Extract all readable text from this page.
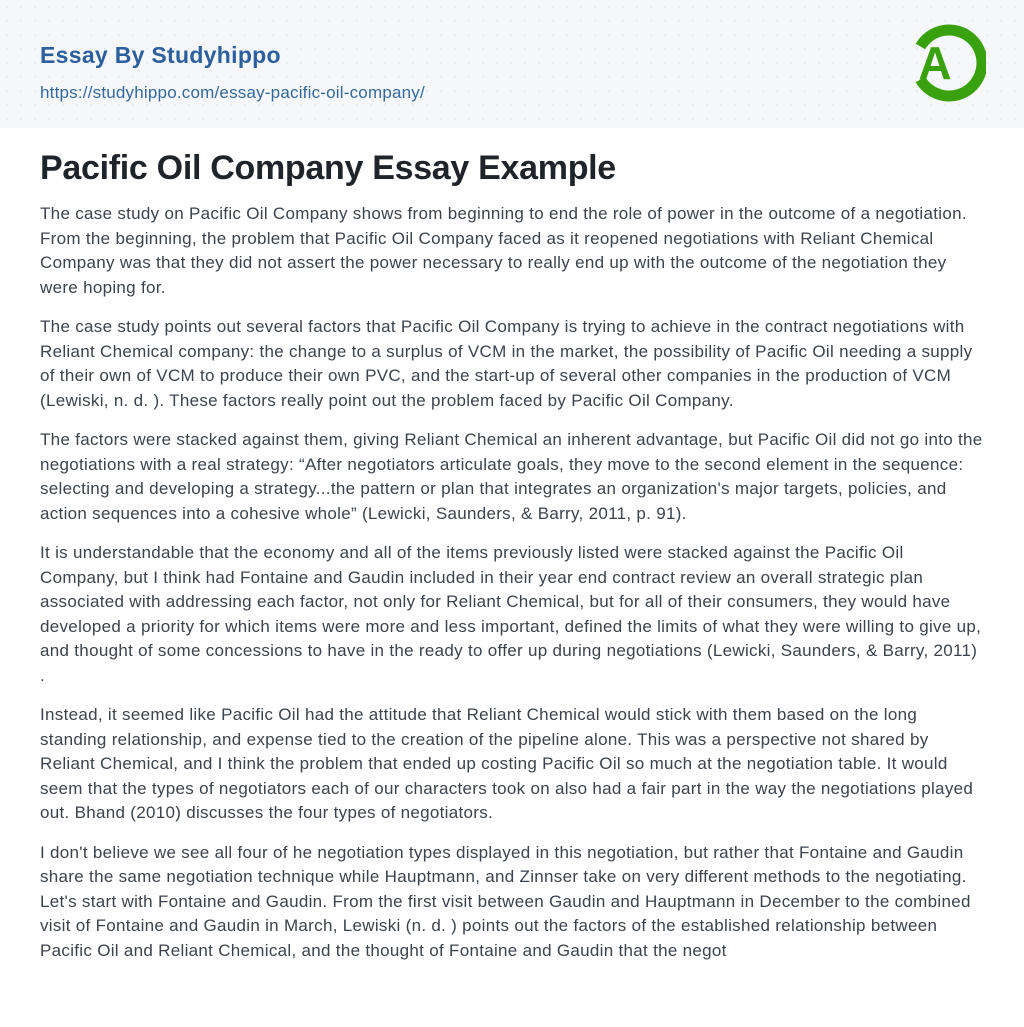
Essay By Studyhippo
https://studyhippo.com/essay-pacific-oil-company/
A
Pacific Oil Company Essay Example

The case study on Pacific Oil Company shows from beginning to end the role of power in the outcome of a negotiation. From the beginning, the problem that Pacific Oil Company faced as it reopened negotiations with Reliant Chemical Company was that they did not assert the power necessary to really end up with the outcome of the negotiation they were hoping for.

The case study points out several factors that Pacific Oil Company is trying to achieve in the contract negotiations with Reliant Chemical company: the change to a surplus of VCM in the market, the possibility of Pacific Oil needing a supply of their own of VCM to produce their own PVC, and the start-up of several other companies in the production of VCM (Lewiski, n. d. ). These factors really point out the problem faced by Pacific Oil Company.

The factors were stacked against them, giving Reliant Chemical an inherent advantage, but Pacific Oil did not go into the negotiations with a real strategy: “After negotiators articulate goals, they move to the second element in the sequence: selecting and developing a strategy...the pattern or plan that integrates an organization's major targets, policies, and action sequences into a cohesive whole” (Lewicki, Saunders, & Barry, 2011, p. 91).

It is understandable that the economy and all of the items previously listed were stacked against the Pacific Oil Company, but I think had Fontaine and Gaudin included in their year end contract review an overall strategic plan associated with addressing each factor, not only for Reliant Chemical, but for all of their consumers, they would have developed a priority for which items were more and less important, defined the limits of what they were willing to give up, and thought of some concessions to have in the ready to offer up during negotiations (Lewicki, Saunders, & Barry, 2011) .

Instead, it seemed like Pacific Oil had the attitude that Reliant Chemical would stick with them based on the long standing relationship, and expense tied to the creation of the pipeline alone. This was a perspective not shared by Reliant Chemical, and I think the problem that ended up costing Pacific Oil so much at the negotiation table. It would seem that the types of negotiators each of our characters took on also had a fair part in the way the negotiations played out. Bhand (2010) discusses the four types of negotiators.

I don't believe we see all four of he negotiation types displayed in this negotiation, but rather that Fontaine and Gaudin share the same negotiation technique while Hauptmann, and Zinnser take on very different methods to the negotiating. Let's start with Fontaine and Gaudin. From the first visit between Gaudin and Hauptmann in December to the combined visit of Fontaine and Gaudin in March, Lewiski (n. d. ) points out the factors of the established relationship between Pacific Oil and Reliant Chemical, and the thought of Fontaine and Gaudin that the negot
